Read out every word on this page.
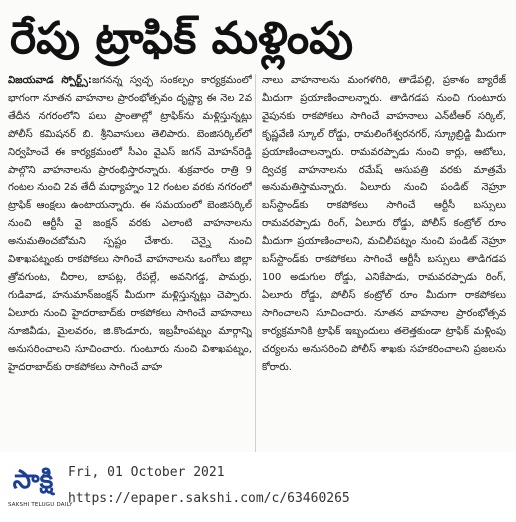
రేపు ట్రాఫిక్ మళ్లింపు
విజయవాడ స్పోర్ట్స్:జగనన్న స్వచ్ఛ సంకల్పం కార్యక్రమంలో భాగంగా నూతన వాహనాల ప్రారంభోత్సవం దృష్ట్యా ఈ నెల 2వ తేదీన నగరంలోని పలు ప్రాంతాల్లో ట్రాఫిక్‌ను మళ్లిస్తున్నట్లు పోలీస్ కమిషనర్ బి. శ్రీనివాసులు తెలిపారు. బెంజిసర్కిల్‌లో నిర్వహించే ఈ కార్యక్రమంలో సీఎం వైఎస్ జగన్ మోహన్‌రెడ్డి పాల్గొని వాహనాలను ప్రారంభిస్తారన్నారు. శుక్రవారం రాత్రి 9 గంటల నుంచి 2వ తేదీ మధ్యాహ్నం 12 గంటల వరకు నగరంలో ట్రాఫిక్ ఆంక్షలు ఉంటాయన్నారు. ఈ సమయంలో బెంజిసర్కిల్ నుంచి ఆర్టీసీ వై జంక్షన్ వరకు ఎలాంటి వాహనాలను అనుమతించబోమని స్పష్టం చేశారు. చెన్నై నుంచి విశాఖపట్నంకు రాకపోకలు సాగించే వాహనాలను ఒంగోలు జిల్లా త్రోవగుంట, చీరాల, బాపట్ల, రేపల్లే, అవనిగడ్డ, పామర్రు, గుడివాడ, హనుమాన్‌జంక్షన్ మీదుగా మళ్లిస్తున్నట్లు చెప్పారు. ఏలూరు నుంచి హైదరాబాద్‌కు రాకపోకలు సాగించే వాహనాలు నూజివీడు, మైలవరం, జి.కొండూరు, ఇబ్రహీంపట్నం మార్గాన్ని అనుసరించాలని సూచించారు. గుంటూరు నుంచి విశాఖపట్నం, హైదరాబాద్‌కు రాకపోకలు సాగించే వాహ
నాలు వాహనాలను మంగళగిరి, తాడేపల్లి, ప్రకాశం బ్యారేజ్ మీదుగా ప్రయాణించాలన్నారు. తాడిగడప నుంచి గుంటూరు వైపునకు రాకపోకలు సాగించే వాహనాలు ఎన్‌టీఆర్ సర్కిల్, కృష్ణవేణి స్కూల్ రోడ్డు, రామలింగేశ్వరనగర్, స్క్రూబ్రిడ్జి మీదుగా ప్రయాణించాలన్నారు. రామవరప్పాడు నుంచి కార్లు, ఆటోలు, ద్విచక్ర వాహనాలను రమేష్ ఆసుపత్రి వరకు మాత్రమే అనుమతిస్తామన్నారు. ఏలూరు నుంచి పండిట్ నెహ్రూ బస్‌స్టాండ్‌కు రాకపోకలు సాగించే ఆర్టీసీ బస్సులు రామవరప్పాడు రింగ్, ఏలూరు రోడ్డు, పోలీస్ కంట్రోల్ రూం మీదుగా ప్రయాణించాలని, మచిలీపట్నం నుంచి పండిట్ నెహ్రూ బస్‌స్టాండ్‌కు రాకపోకలు సాగించే ఆర్టీసీ బస్సులు తాడిగడప 100 అడుగుల రోడ్డు, ఎనికేపాడు, రామవరప్పాడు రింగ్, ఏలూరు రోడ్డు, పోలీస్ కంట్రోల్ రూం మీదుగా రాకపోకలు సాగించాలని సూచించారు. నూతన వాహనాల ప్రారంభోత్సవ కార్యక్రమానికి ట్రాఫిక్ ఇబ్బందులు తలెత్తకుండా ట్రాఫిక్ మళ్లింపు చర్యలను అనుసరించి పోలీస్ శాఖకు సహకరించాలని ప్రజలను కోరారు.
సాక్షి
SAKSHI TELUGU DAILY
Fri, 01 October 2021
https://epaper.sakshi.com/c/63460265
